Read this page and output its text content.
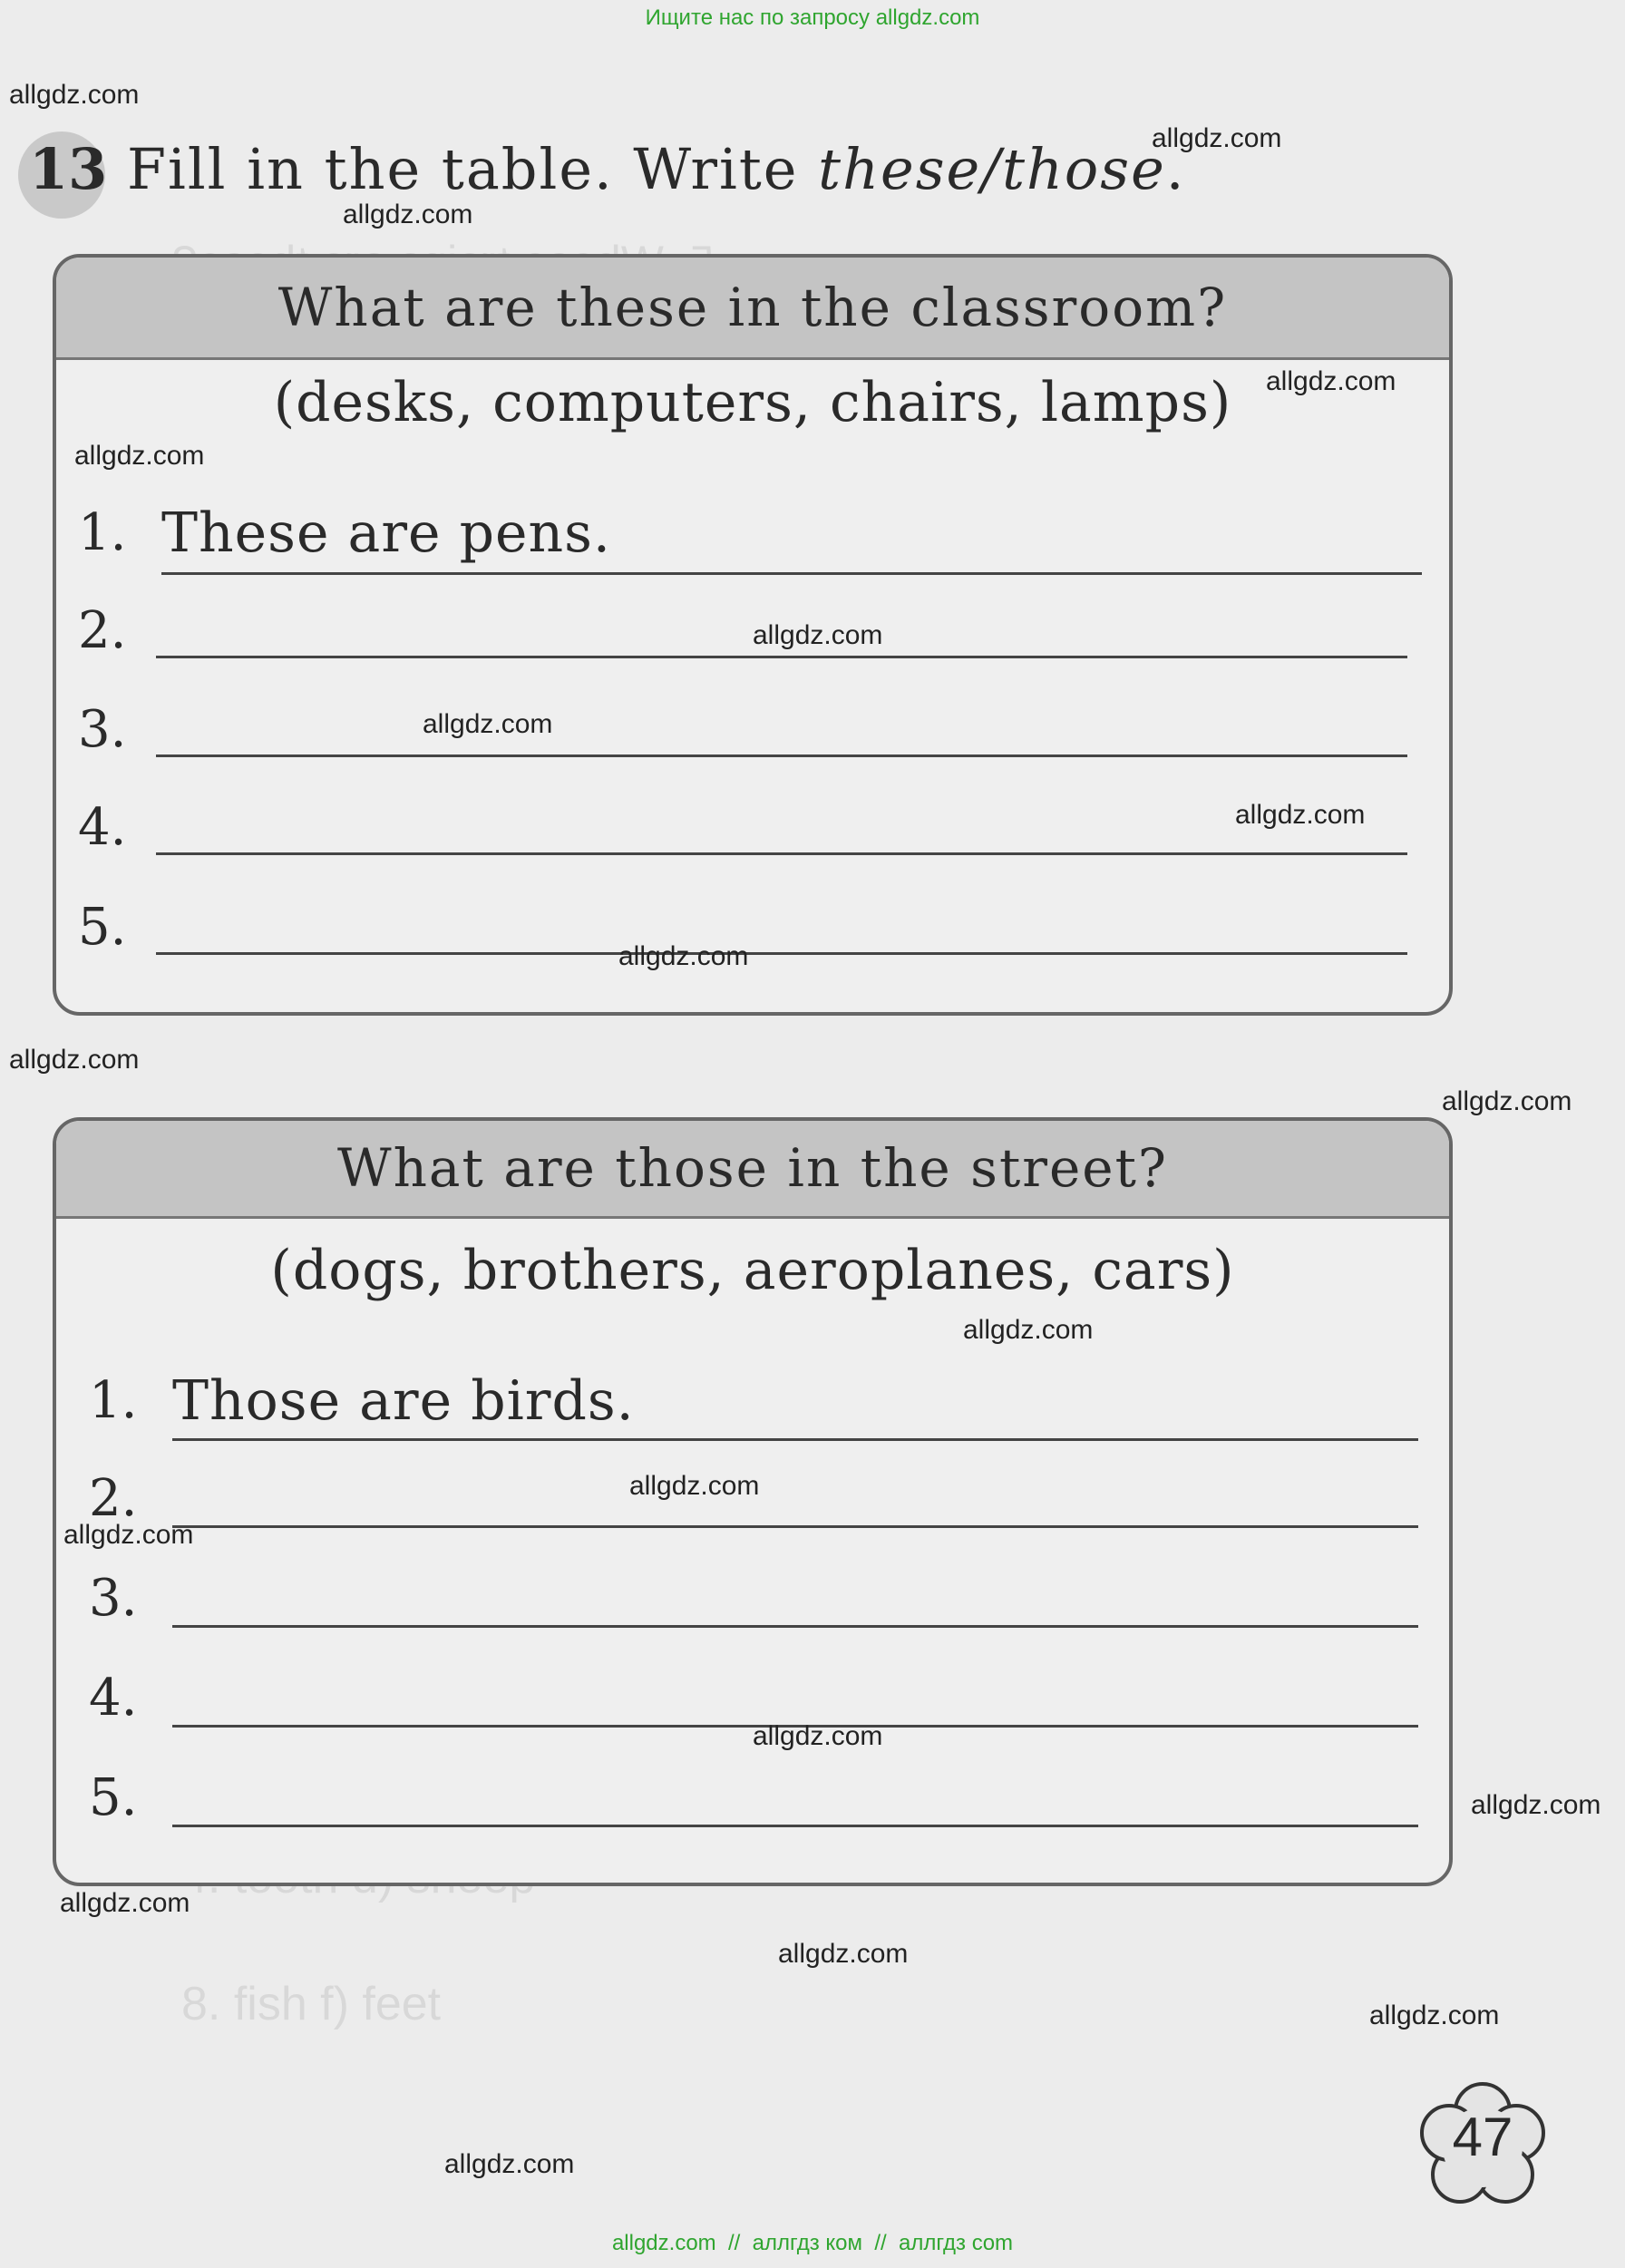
8. fish f) feet
Ищите нас по запросу allgdz.com
13 Fill in the table. Write these/those.
What are these in the classroom?
(desks, computers, chairs, lamps)
1. These are pens.
2.
3.
4.
5.
What are those in the street?
(dogs, brothers, aeroplanes, cars)
1. Those are birds.
2.
3.
4.
5.
47
allgdz.com
allgdz.com
allgdz.com
allgdz.com
allgdz.com
allgdz.com
allgdz.com
allgdz.com
allgdz.com
allgdz.com
allgdz.com
allgdz.com
allgdz.com
allgdz.com
allgdz.com
allgdz.com
allgdz.com
allgdz.com
allgdz.com
allgdz.com
allgdz.com  //  аллгдз ком  //  аллгдз com
